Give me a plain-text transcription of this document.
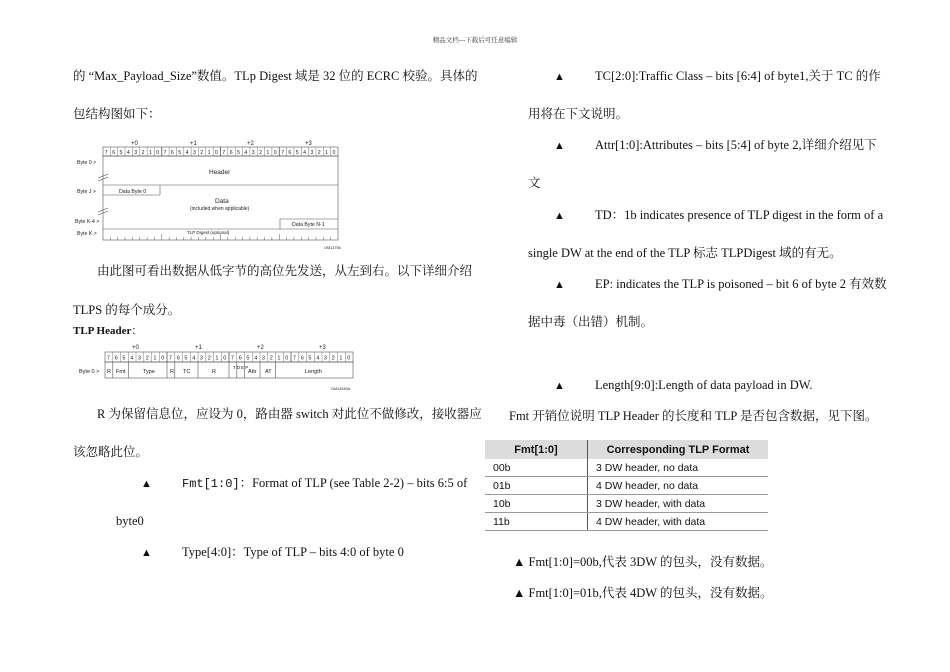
精品文档---下载后可任意编辑
的 “Max_Payload_Size”数值。TLp Digest 域是 32 位的 ECRC 校验。具体的
包结构图如下：
+0	+1	+2	+3
7 6 5 4 3 2 1 0 7 6 5 4 3 2 1 0 7 6 5 4 3 2 1 0 7 6 5 4 3 2 1 0
Byte 0 >
Byte J >
Byte K-4 >
Byte K >
Data Byte 0
Data Byte N-1
TLP Digest (optional)
OM13756
Header
Data
(included when applicable)
由此图可看出数据从低字节的高位先发送，从左到右。以下详细介绍
TLPS 的每个成分。
TLP Header：
+0	+1	+2	+3
7 6 5 4 3 2 1 0 7 6 5 4 3 2 1 0 7 6 5 4 3 2 1 0 7 6 5 4 3 2 1 0
Byte 0 > R Fmt	Type	R TC	R
T D E P
Attr AT	Length
OM14540A
R 为保留信息位，应设为 0，路由器 switch 对此位不做修改，接收器应
该忽略此位。
▲	Fmt[1:0]：Format of TLP (see Table 2-2) – bits 6:5 of
byte0
▲ Type[4:0]：Type of TLP – bits 4:0 of byte 0
▲ TC[2:0]:Traffic Class – bits [6:4] of byte1,关于 TC 的作
用将在下文说明。
▲ Attr[1:0]:Attributes – bits [5:4] of byte 2,详细介绍见下
文
▲ TD：1b indicates presence of TLP digest in the form of a
single DW at the end of the TLP 标志 TLPDigest 域的有无。
▲ EP: indicates the TLP is poisoned – bit 6 of byte 2 有效数
据中毒（出错）机制。
▲ Length[9:0]:Length of data payload in DW.
Fmt 开销位说明 TLP Header 的长度和 TLP 是否包含数据，见下图。
Fmt[1:0]	Corresponding TLP Format
00b	3 DW header, no data
01b	4 DW header, no data
10b	3 DW header, with data
11b	4 DW header, with data
▲ Fmt[1:0]=00b,代表 3DW 的包头，没有数据。
▲ Fmt[1:0]=01b,代表 4DW 的包头，没有数据。
